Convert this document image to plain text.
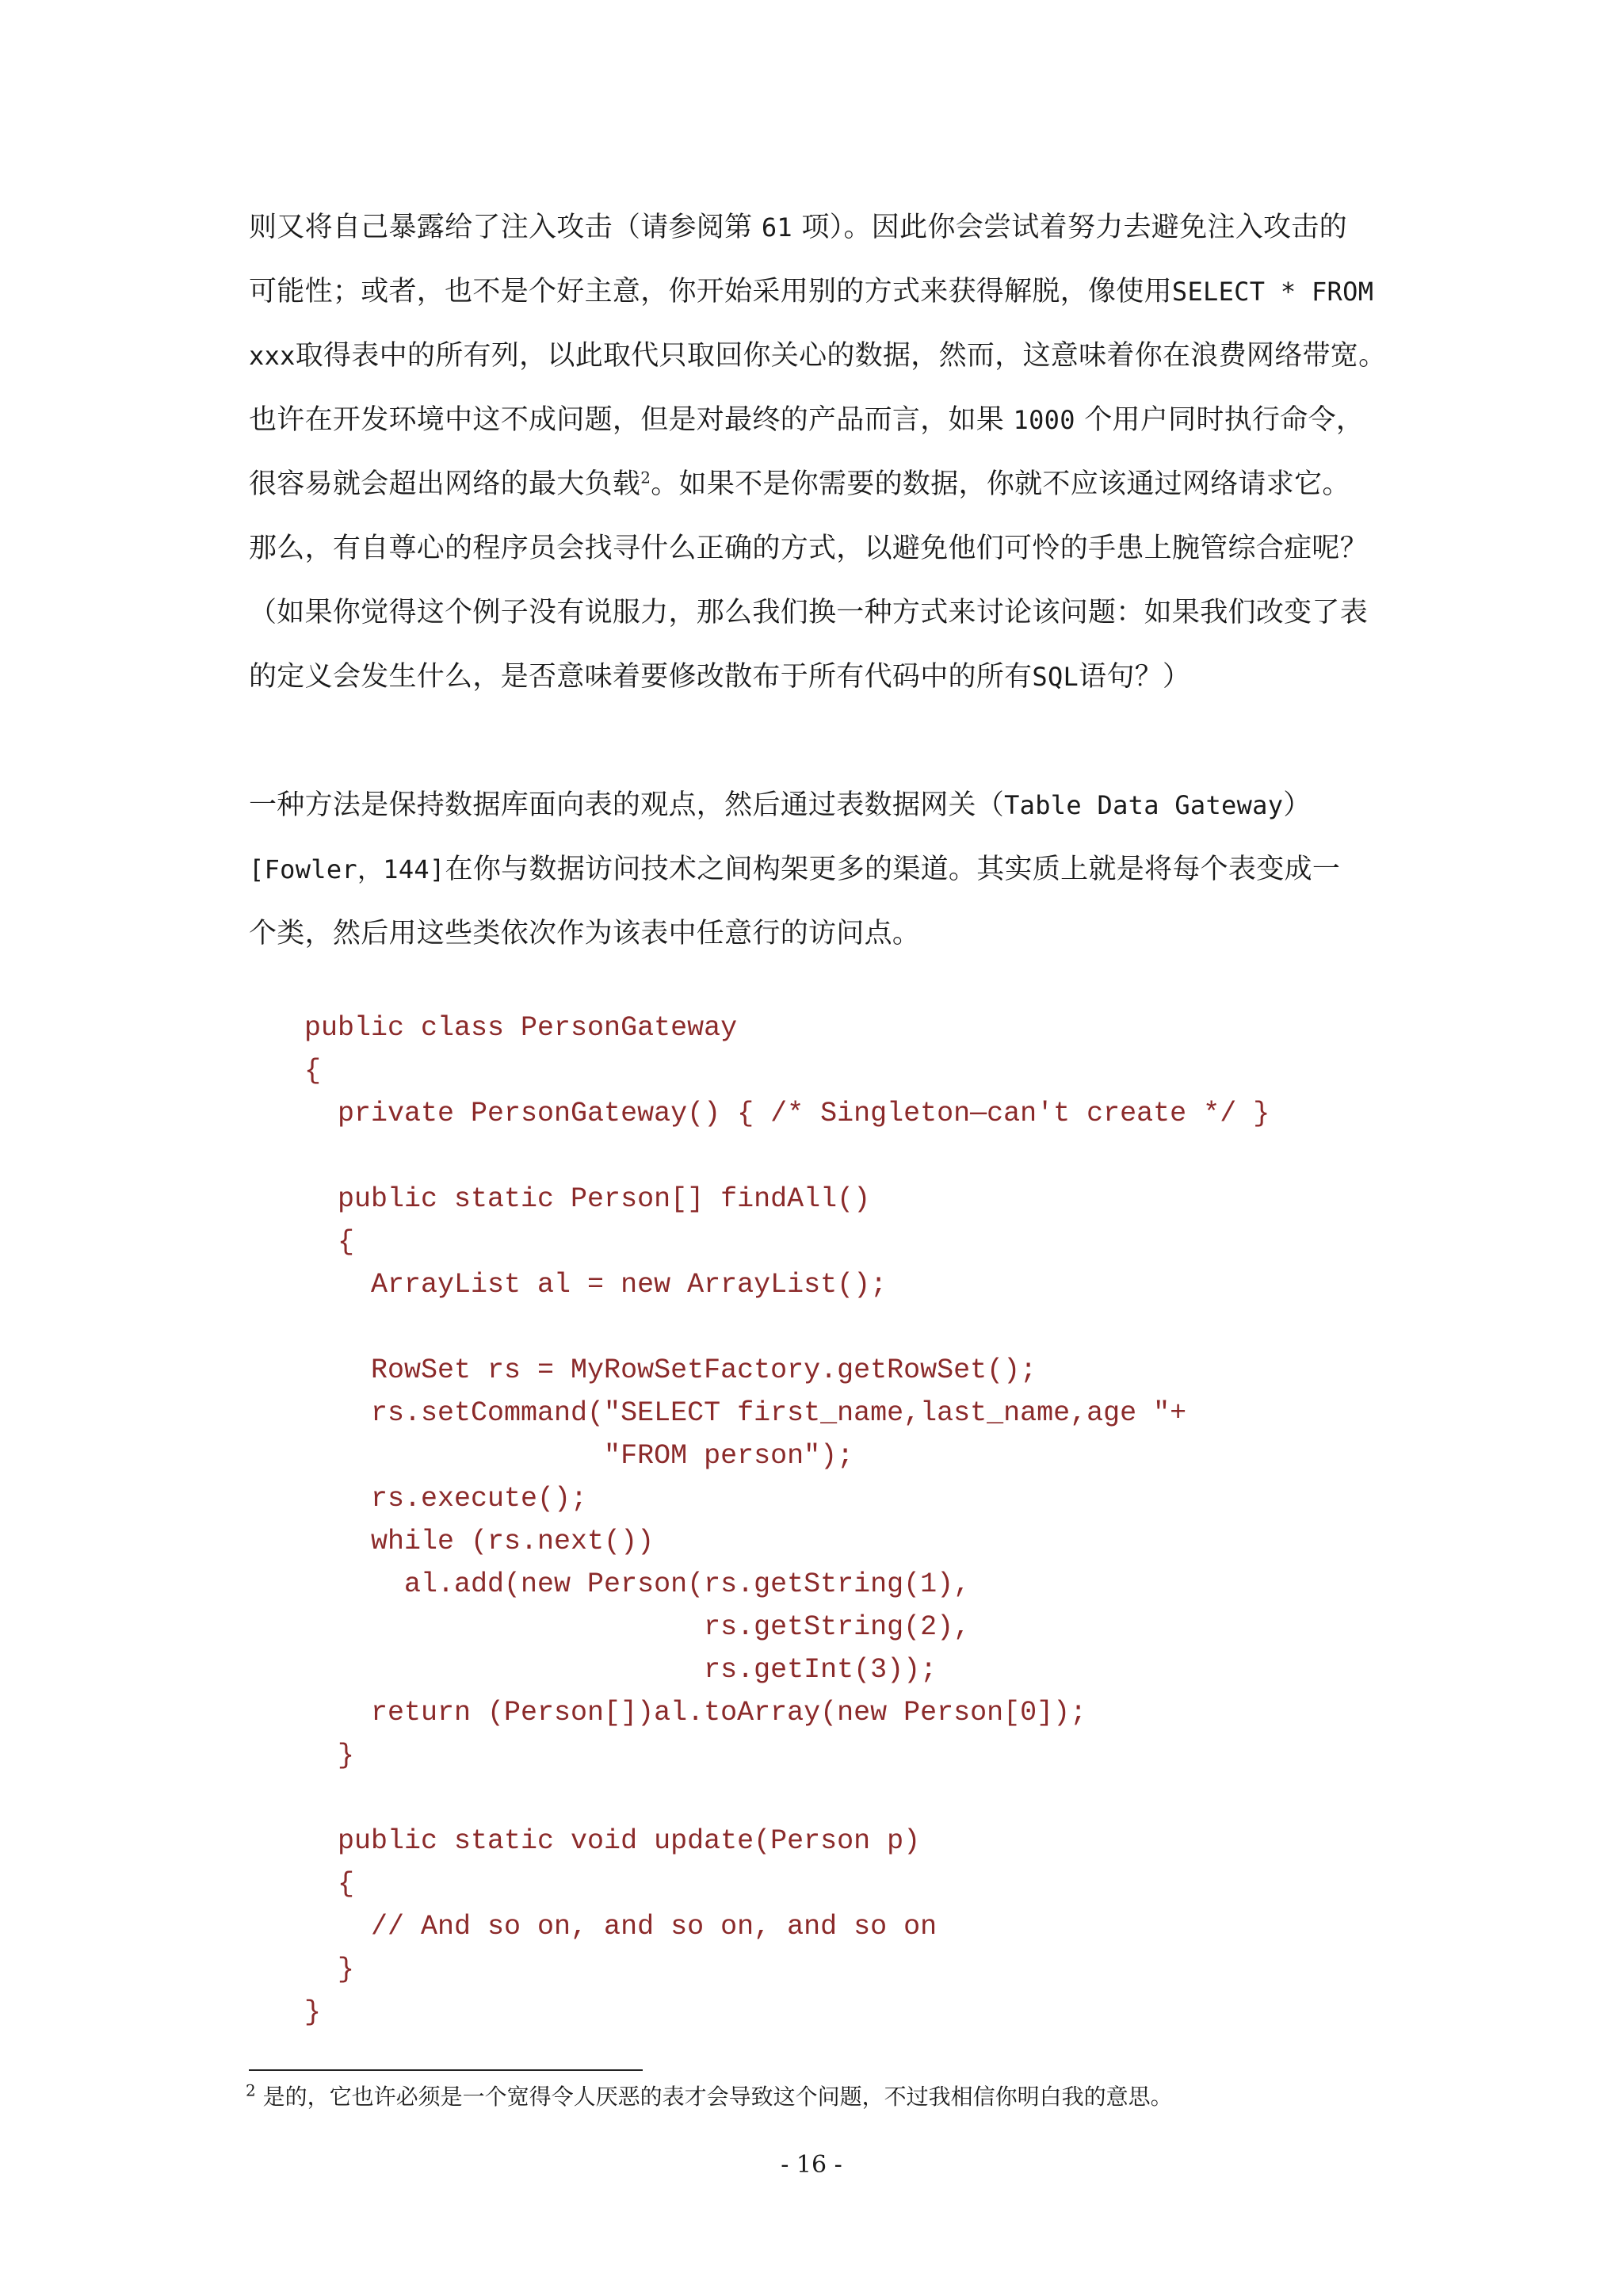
则又将自己暴露给了注入攻击（请参阅第 61 项）。因此你会尝试着努力去避免注入攻击的
可能性；或者，也不是个好主意，你开始采用别的方式来获得解脱，像使用SELECT * FROM
xxx取得表中的所有列，以此取代只取回你关心的数据，然而，这意味着你在浪费网络带宽。
也许在开发环境中这不成问题，但是对最终的产品而言，如果 1000 个用户同时执行命令，
很容易就会超出网络的最大负载$^2$。如果不是你需要的数据，你就不应该通过网络请求它。
那么，有自尊心的程序员会找寻什么正确的方式，以避免他们可怜的手患上腕管综合症呢？
（如果你觉得这个例子没有说服力，那么我们换一种方式来讨论该问题：如果我们改变了表
的定义会发生什么，是否意味着要修改散布于所有代码中的所有SQL语句？）
一种方法是保持数据库面向表的观点，然后通过表数据网关（Table Data Gateway）
[Fowler，144]在你与数据访问技术之间构架更多的渠道。其实质上就是将每个表变成一
个类，然后用这些类依次作为该表中任意行的访问点。
public class PersonGateway
{
private PersonGateway() { /* Singleton—can't create */ }
public static Person[] findAll()
{
ArrayList al = new ArrayList();
RowSet rs = MyRowSetFactory.getRowSet();
rs.setCommand("SELECT first_name,last_name,age "+
"FROM person");
rs.execute();
while (rs.next())
al.add(new Person(rs.getString(1),
rs.getString(2),
rs.getInt(3));
return (Person[])al.toArray(new Person[0]);
}
public static void update(Person p)
{
// And so on, and so on, and so on
}
}
$^2$ 是的，它也许必须是一个宽得令人厌恶的表才会导致这个问题，不过我相信你明白我的意思。
- 16 -
